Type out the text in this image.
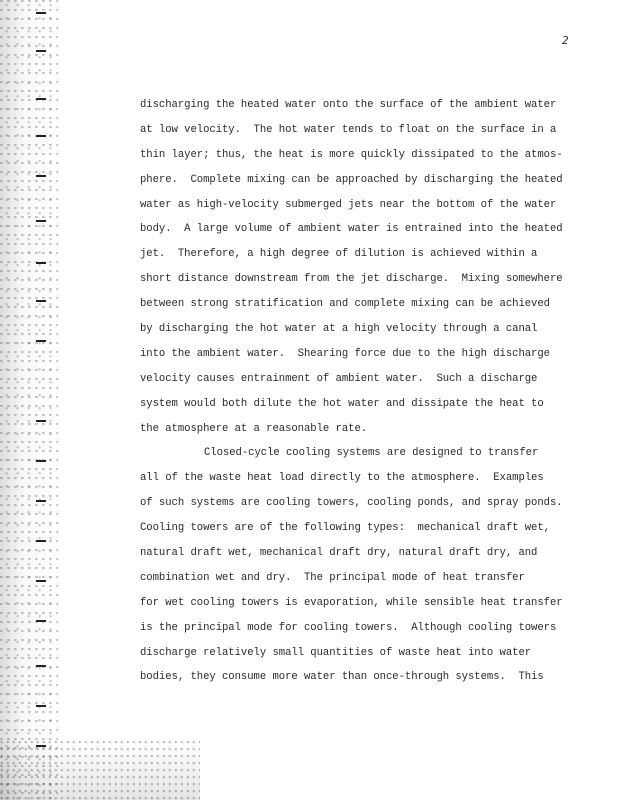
2
discharging the heated water onto the surface of the ambient water
at low velocity.  The hot water tends to float on the surface in a
thin layer; thus, the heat is more quickly dissipated to the atmos-
phere.  Complete mixing can be approached by discharging the heated
water as high-velocity submerged jets near the bottom of the water
body.  A large volume of ambient water is entrained into the heated
jet.  Therefore, a high degree of dilution is achieved within a
short distance downstream from the jet discharge.  Mixing somewhere
between strong stratification and complete mixing can be achieved
by discharging the hot water at a high velocity through a canal
into the ambient water.  Shearing force due to the high discharge
velocity causes entrainment of ambient water.  Such a discharge
system would both dilute the hot water and dissipate the heat to
the atmosphere at a reasonable rate.
Closed-cycle cooling systems are designed to transfer
all of the waste heat load directly to the atmosphere.  Examples
of such systems are cooling towers, cooling ponds, and spray ponds.
Cooling towers are of the following types:  mechanical draft wet,
natural draft wet, mechanical draft dry, natural draft dry, and
combination wet and dry.  The principal mode of heat transfer
for wet cooling towers is evaporation, while sensible heat transfer
is the principal mode for cooling towers.  Although cooling towers
discharge relatively small quantities of waste heat into water
bodies, they consume more water than once-through systems.  This
